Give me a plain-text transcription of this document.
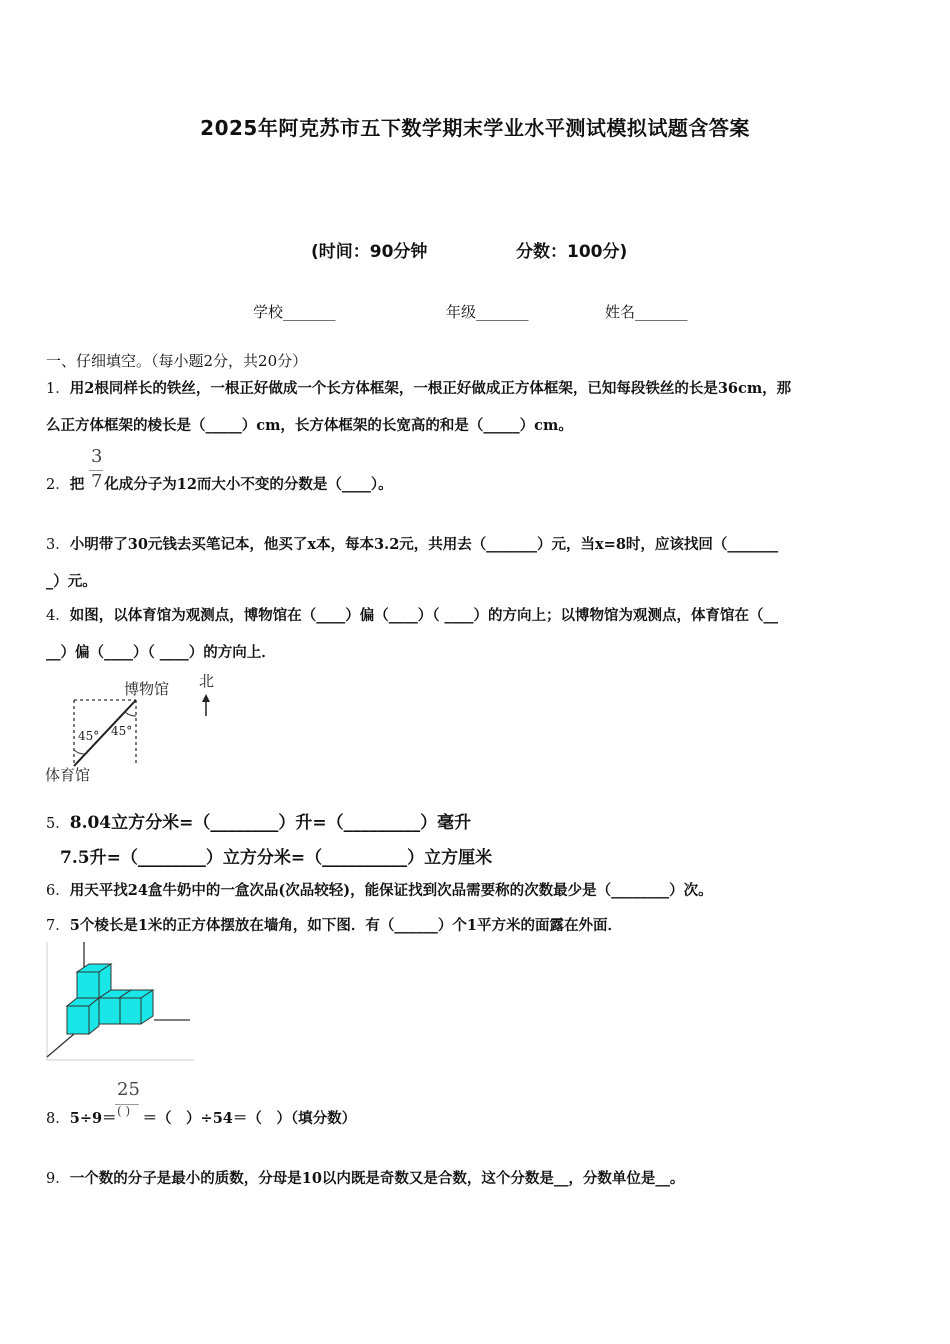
2025年阿克苏市五下数学期末学业水平测试模拟试题含答案
(时间：90分钟	分数：100分)
学校_______	年级_______	姓名_______
一、仔细填空。（每小题2分，共20分）
1．用2根同样长的铁丝，一根正好做成一个长方体框架，一根正好做成正方体框架，已知每段铁丝的长是36cm，那
么正方体框架的棱长是（_____）cm，长方体框架的长宽高的和是（_____）cm。
3
7
2．把 化成分子为12而大小不变的分数是（____）。
3．小明带了30元钱去买笔记本，他买了x本，每本3.2元，共用去（_______）元，当x=8时，应该找回（_______
_）元。
4．如图，以体育馆为观测点，博物馆在（____）偏（____）（ ____）的方向上；以博物馆为观测点，体育馆在（__
__）偏（____）（ ____）的方向上．
博物馆 北
45° 45°
体育馆
5．8.04立方分米=（________）升=（_________）毫升
7.5升=（________）立方分米=（__________）立方厘米
6．用天平找24盒牛奶中的一盒次品(次品较轻)，能保证找到次品需要称的次数最少是（________）次。
7．5个棱长是1米的正方体摆放在墙角，如下图．有（______）个1平方米的面露在外面．
25
( )
8．5÷9＝ ＝（　）÷54＝（　）（填分数）
9．一个数的分子是最小的质数，分母是10以内既是奇数又是合数，这个分数是__，分数单位是__。
